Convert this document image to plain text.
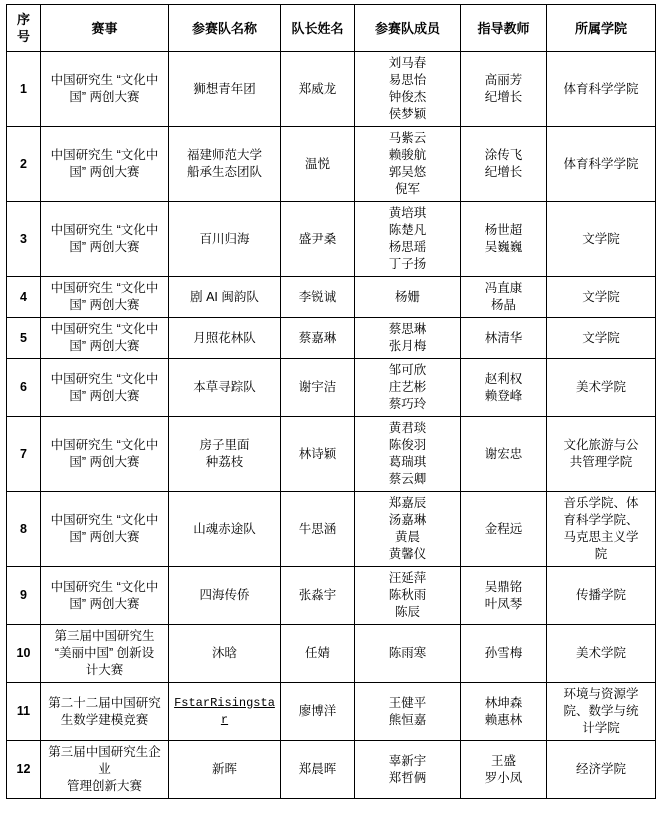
序
号	赛事	参赛队名称	队长姓名	参赛队成员	指导教师	所属学院
1	中国研究生 “文化中
国” 两创大赛	狮想青年团	郑威龙	刘马春
易思怡
钟俊杰
侯梦颖	高丽芳
纪增长	体育科学学院

2	中国研究生 “文化中
国” 两创大赛	福建师范大学
船承生态团队	温悦	马紫云
赖骏航
郭吴悠
倪军	涂传飞
纪增长	体育科学学院

3	中国研究生 “文化中
国” 两创大赛	百川归海	盛尹桑	黄培琪
陈楚凡
杨思瑶
丁子扬	杨世超
吴巍巍	文学院

4	中国研究生 “文化中
国” 两创大赛	剧 AI 闽韵队	李锐诚	杨姗	冯直康
杨晶	文学院

5	中国研究生 “文化中
国” 两创大赛	月照花林队	蔡嘉琳	蔡思琳
张月梅	林清华	文学院

6	中国研究生 “文化中
国” 两创大赛	本草寻踪队	谢宇洁	邹可欣
庄艺彬
蔡巧玲	赵利权
赖登峰	美术学院

7	中国研究生 “文化中
国” 两创大赛	房子里面
种荔枝	林诗颖	黄君琰
陈俊羽
葛瑞琪
蔡云卿	谢宏忠	文化旅游与公
共管理学院

8	中国研究生 “文化中
国” 两创大赛	山魂赤途队	牛思涵	郑嘉辰
汤嘉琳
黄晨
黄馨仪	金程远	音乐学院、体
育科学学院、
马克思主义学
院

9	中国研究生 “文化中
国” 两创大赛	四海传侨	张淼宇	汪延萍
陈秋雨
陈辰	吴鼎铭
叶凤琴	传播学院

10	第三届中国研究生
“美丽中国” 创新设
计大赛	沐晗	任婧	陈雨寒	孙雪梅	美术学院

11	第二十二届中国研究
生数学建模竞赛	FstarRisingstar	廖博洋	王健平
熊恒嘉	林坤森
赖惠林	环境与资源学
院、数学与统
计学院

12	第三届中国研究生企业
管理创新大赛	新晖	郑晨晖	辜新宇
郑哲俩	王盛
罗小凤	经济学院
